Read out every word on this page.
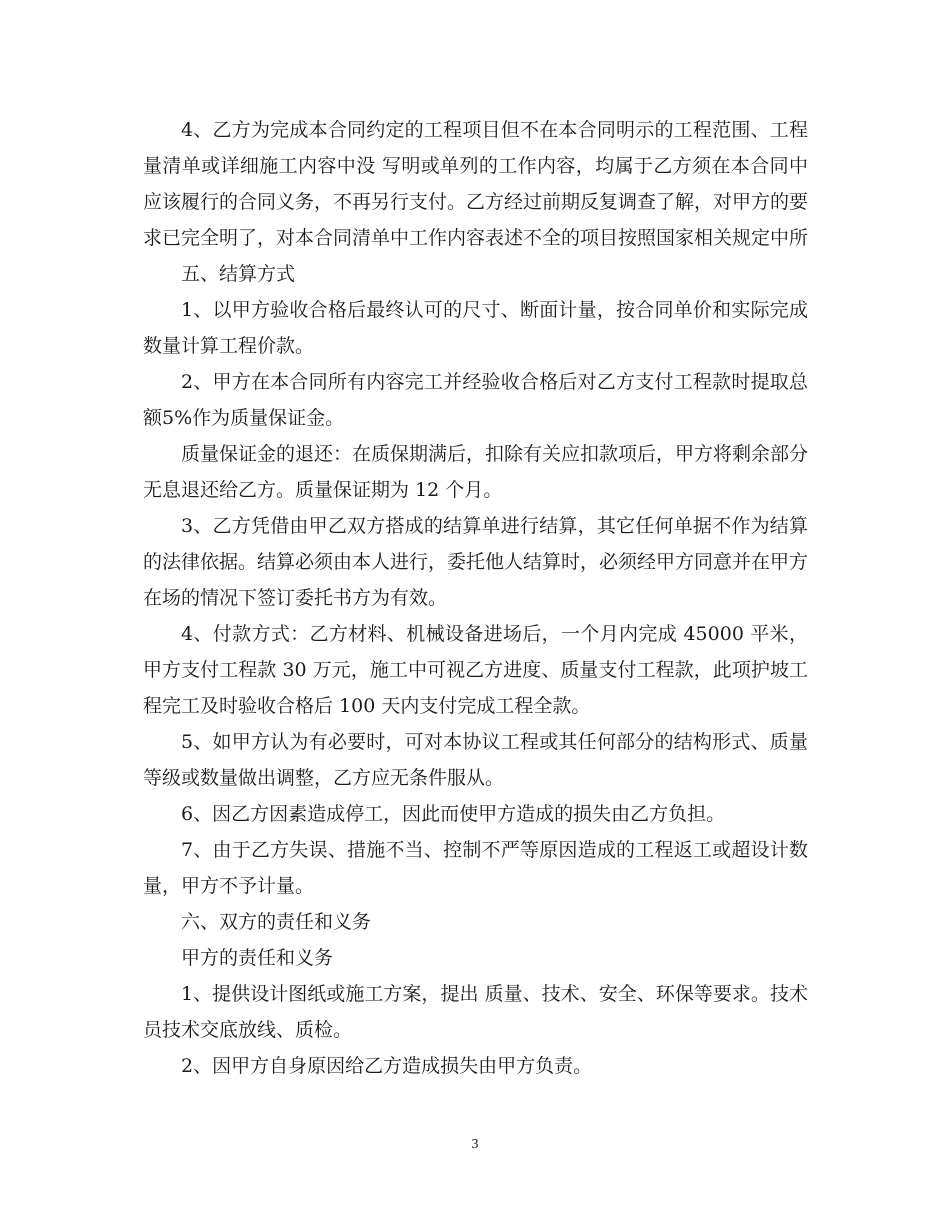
4、乙方为完成本合同约定的工程项目但不在本合同明示的工程范围、工程量清单或详细施工内容中没 写明或单列的工作内容，均属于乙方须在本合同中应该履行的合同义务，不再另行支付。乙方经过前期反复调查了解，对甲方的要求已完全明了，对本合同清单中工作内容表述不全的项目按照国家相关规定中所

五、结算方式

1、以甲方验收合格后最终认可的尺寸、断面计量，按合同单价和实际完成数量计算工程价款。

2、甲方在本合同所有内容完工并经验收合格后对乙方支付工程款时提取总额5%作为质量保证金。

质量保证金的退还：在质保期满后，扣除有关应扣款项后，甲方将剩余部分无息退还给乙方。质量保证期为 12 个月。

3、乙方凭借由甲乙双方搭成的结算单进行结算，其它任何单据不作为结算的法律依据。结算必须由本人进行，委托他人结算时，必须经甲方同意并在甲方在场的情况下签订委托书方为有效。

4、付款方式：乙方材料、机械设备进场后，一个月内完成 45000 平米，甲方支付工程款 30 万元，施工中可视乙方进度、质量支付工程款，此项护坡工程完工及时验收合格后 100 天内支付完成工程全款。

5、如甲方认为有必要时，可对本协议工程或其任何部分的结构形式、质量等级或数量做出调整，乙方应无条件服从。

6、因乙方因素造成停工，因此而使甲方造成的损失由乙方负担。

7、由于乙方失误、措施不当、控制不严等原因造成的工程返工或超设计数量，甲方不予计量。

六、双方的责任和义务

甲方的责任和义务

1、提供设计图纸或施工方案，提出 质量、技术、安全、环保等要求。技术员技术交底放线、质检。

2、因甲方自身原因给乙方造成损失由甲方负责。

3
